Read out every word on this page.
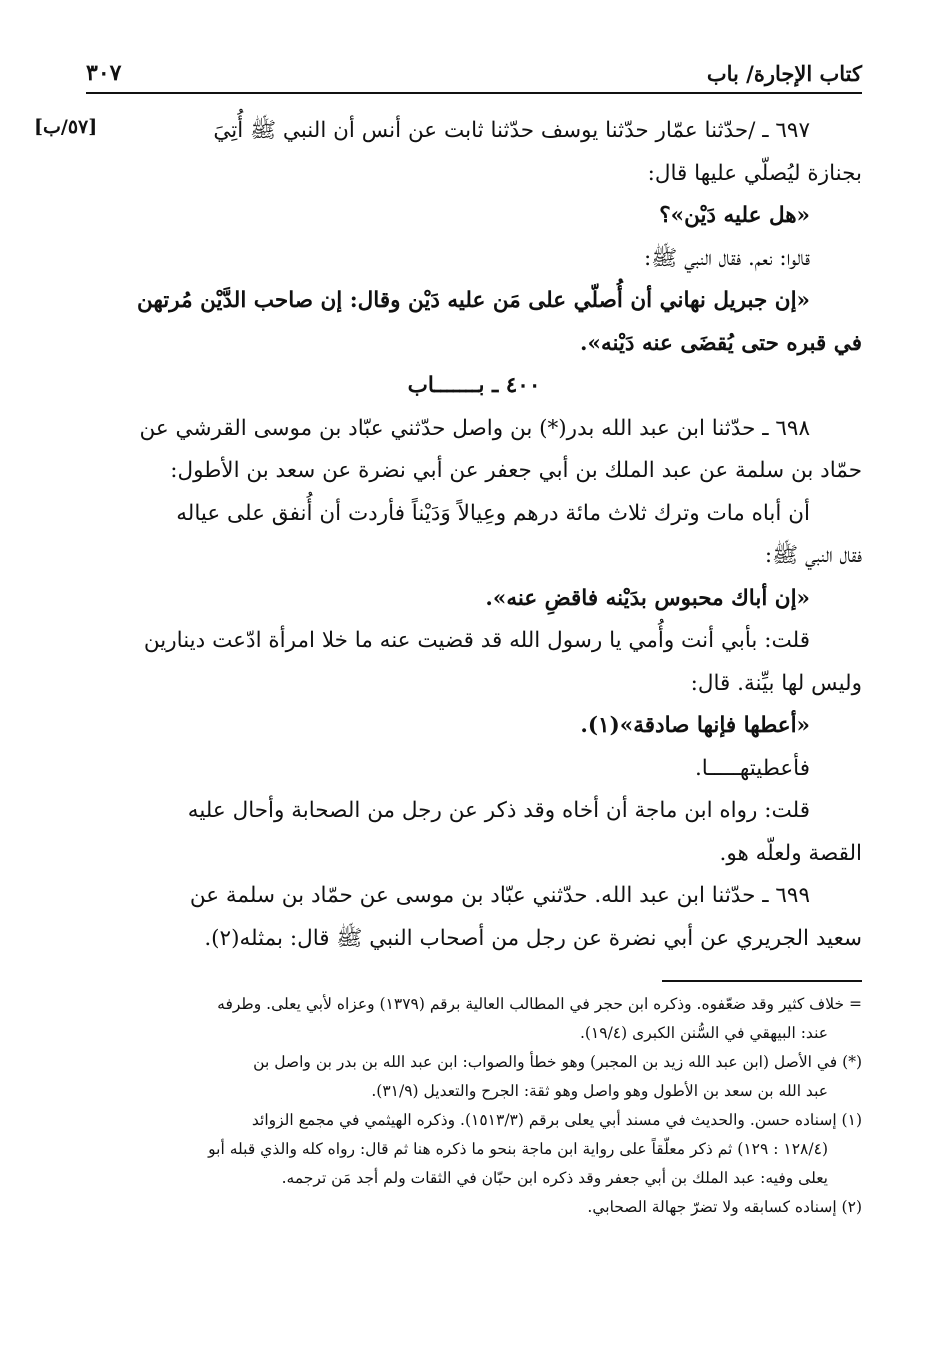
كتاب الإجارة/ باب
٣٠٧
[٥٧/ب]	٦٩٧ ـ /حدّثنا عمّار حدّثنا يوسف حدّثنا ثابت عن أنس أن النبي ﷺ أُتِيَ

بجنازة ليُصلّي عليها قال:

«هل عليه دَيْن»؟

قالوا: نعم. فقال النبي ﷺ:

«إن جبريل نهاني أن أُصلّي على مَن عليه دَيْن وقال: إن صاحب الدَّيْن مُرتهن

في قبره حتى يُقضَى عنه دَيْنه».

٤٠٠ ـ بـــــــاب

٦٩٨ ـ حدّثنا ابن عبد الله بدر(*) بن واصل حدّثني عبّاد بن موسى القرشي عن

حمّاد بن سلمة عن عبد الملك بن أبي جعفر عن أبي نضرة عن سعد بن الأطول:

أن أباه مات وترك ثلاث مائة درهم وعِيالاً وَدَيْناً فأردت أن أُنفق على عياله

فقال النبي ﷺ:

«إن أباك محبوس بدَيْنه فاقضِ عنه».

قلت: بأبي أنت وأُمي يا رسول الله قد قضيت عنه ما خلا امرأة ادّعت دينارين

وليس لها بيِّنة. قال:

«أعطها فإنها صادقة»(١).

فأعطيتهـــــا.

قلت: رواه ابن ماجة أن أخاه وقد ذكر عن رجل من الصحابة وأحال عليه

القصة ولعلّه هو.

٦٩٩ ـ حدّثنا ابن عبد الله. حدّثني عبّاد بن موسى عن حمّاد بن سلمة عن

سعيد الجريري عن أبي نضرة عن رجل من أصحاب النبي ﷺ قال: بمثله(٢).

= خلاف كثير وقد ضعّفوه. وذكره ابن حجر في المطالب العالية برقم (١٣٧٩) وعزاه لأبي يعلى. وطرفه

عند: البيهقي في السُّنن الكبرى (١٩/٤).

(*) في الأصل (ابن عبد الله زيد بن المجبر) وهو خطأ والصواب: ابن عبد الله بن بدر بن واصل بن

عبد الله بن سعد بن الأطول وهو واصل وهو ثقة: الجرح والتعديل (٣١/٩).

(١) إسناده حسن. والحديث في مسند أبي يعلى برقم (١٥١٣/٣). وذكره الهيثمي في مجمع الزوائد

(١٢٨/٤ : ١٢٩) ثم ذكر معلّقاً على رواية ابن ماجة بنحو ما ذكره هنا ثم قال: رواه كله والذي قبله أبو

يعلى وفيه: عبد الملك بن أبي جعفر وقد ذكره ابن حبّان في الثقات ولم أجد مَن ترجمه.

(٢) إسناده كسابقه ولا تضرّ جهالة الصحابي.
